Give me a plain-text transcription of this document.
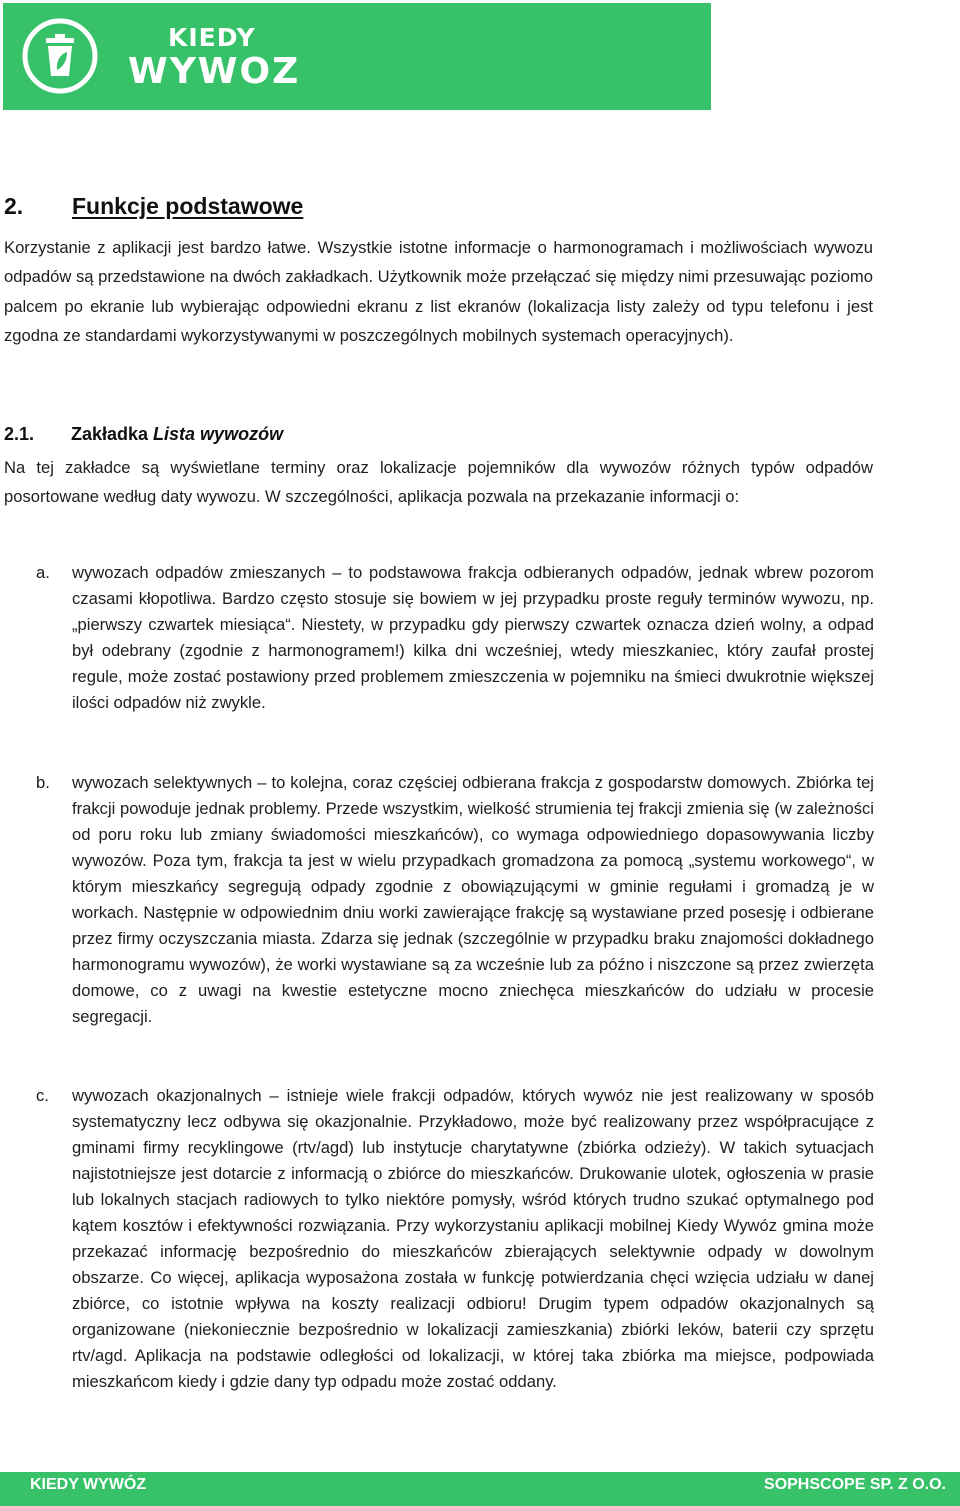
KIEDY
WYWOZ
2.	Funkcje podstawowe
Korzystanie z aplikacji jest bardzo łatwe. Wszystkie istotne informacje o harmonogramach i możliwościach wywozu odpadów są przedstawione na dwóch zakładkach. Użytkownik może przełączać się między nimi przesuwając poziomo palcem po ekranie lub wybierając odpowiedni ekranu z list ekranów (lokalizacja listy zależy od typu telefonu i jest zgodna ze standardami wykorzystywanymi w poszczególnych mobilnych systemach operacyjnych).
2.1.	Zakładka Lista wywozów
Na tej zakładce są wyświetlane terminy oraz lokalizacje pojemników dla wywozów różnych typów odpadów posortowane według daty wywozu. W szczególności, aplikacja pozwala na przekazanie informacji o:
a. wywozach odpadów zmieszanych – to podstawowa frakcja odbieranych odpadów, jednak wbrew pozorom czasami kłopotliwa. Bardzo często stosuje się bowiem w jej przypadku proste reguły terminów wywozu, np. „pierwszy czwartek miesiąca“. Niestety, w przypadku gdy pierwszy czwartek oznacza dzień wolny, a odpad był odebrany (zgodnie z harmonogramem!) kilka dni wcześniej, wtedy mieszkaniec, który zaufał prostej regule, może zostać postawiony przed problemem zmieszczenia w pojemniku na śmieci dwukrotnie większej ilości odpadów niż zwykle.
b. wywozach selektywnych – to kolejna, coraz częściej odbierana frakcja z gospodarstw domowych. Zbiórka tej frakcji powoduje jednak problemy. Przede wszystkim, wielkość strumienia tej frakcji zmienia się (w zależności od poru roku lub zmiany świadomości mieszkańców), co wymaga odpowiedniego dopasowywania liczby wywozów. Poza tym, frakcja ta jest w wielu przypadkach gromadzona za pomocą „systemu workowego“, w którym mieszkańcy segregują odpady zgodnie z obowiązującymi w gminie regułami i gromadzą je w workach. Następnie w odpowiednim dniu worki zawierające frakcję są wystawiane przed posesję i odbierane przez firmy oczyszczania miasta. Zdarza się jednak (szczególnie w przypadku braku znajomości dokładnego harmonogramu wywozów), że worki wystawiane są za wcześnie lub za późno i niszczone są przez zwierzęta domowe, co z uwagi na kwestie estetyczne mocno zniechęca mieszkańców do udziału w procesie segregacji.
c. wywozach okazjonalnych – istnieje wiele frakcji odpadów, których wywóz nie jest realizowany w sposób systematyczny lecz odbywa się okazjonalnie. Przykładowo, może być realizowany przez współpracujące z gminami firmy recyklingowe (rtv/agd) lub instytucje charytatywne (zbiórka odzieży). W takich sytuacjach najistotniejsze jest dotarcie z informacją o zbiórce do mieszkańców. Drukowanie ulotek, ogłoszenia w prasie lub lokalnych stacjach radiowych to tylko niektóre pomysły, wśród których trudno szukać optymalnego pod kątem kosztów i efektywności rozwiązania. Przy wykorzystaniu aplikacji mobilnej Kiedy Wywóz gmina może przekazać informację bezpośrednio do mieszkańców zbierających selektywnie odpady w dowolnym obszarze. Co więcej, aplikacja wyposażona została w funkcję potwierdzania chęci wzięcia udziału w danej zbiórce, co istotnie wpływa na koszty realizacji odbioru! Drugim typem odpadów okazjonalnych są organizowane (niekoniecznie bezpośrednio w lokalizacji zamieszkania) zbiórki leków, baterii czy sprzętu rtv/agd. Aplikacja na podstawie odległości od lokalizacji, w której taka zbiórka ma miejsce, podpowiada mieszkańcom kiedy i gdzie dany typ odpadu może zostać oddany.
KIEDY WYWÓZ	SOPHSCOPE SP. Z O.O.
